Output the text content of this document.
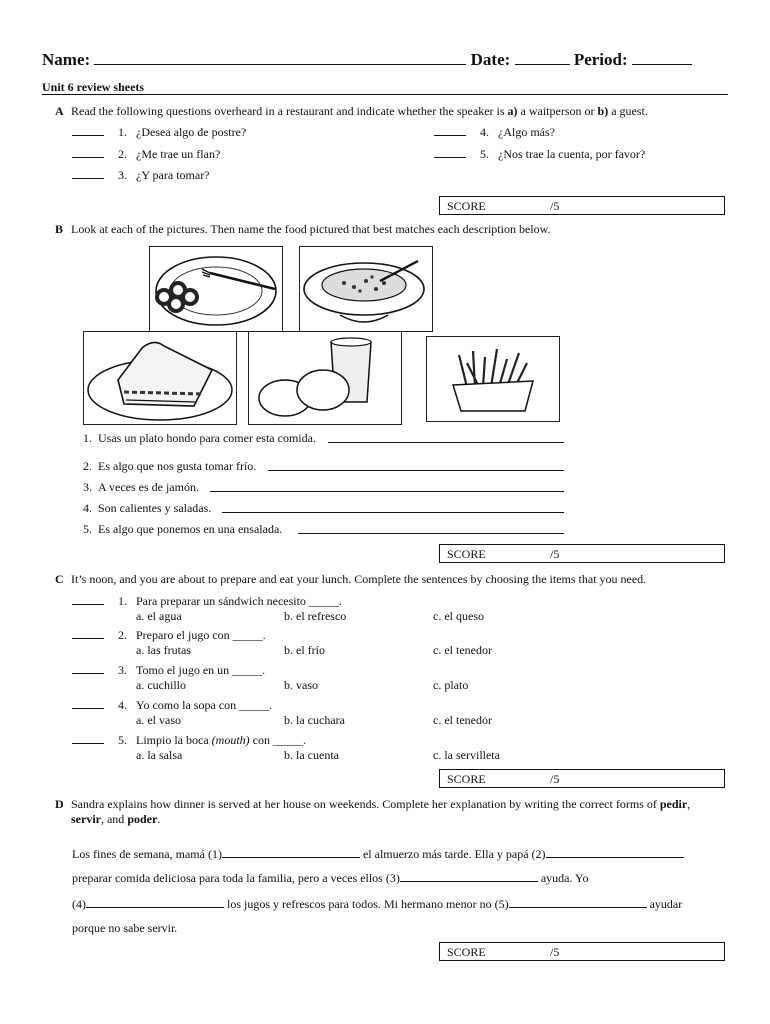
Name:	Date:	Period:
Unit 6 review sheets
A Read the following questions overheard in a restaurant and indicate whether the speaker is a) a waitperson or b) a guest.
1. ¿Desea algo de postre?
2. ¿Me trae un flan?
3. ¿Y para tomar?
4. ¿Algo más?
5. ¿Nos trae la cuenta, por favor?
SCORE	/5
B Look at each of the pictures. Then name the food pictured that best matches each description below.
1. Usas un plato hondo para comer esta comida.
2. Es algo que nos gusta tomar frío.
3. A veces es de jamón.
4. Son calientes y saladas.
5. Es algo que ponemos en una ensalada.
SCORE	/5
C It’s noon, and you are about to prepare and eat your lunch. Complete the sentences by choosing the items that you need.
1. Para preparar un sándwich necesito _____.
a. el agua	b. el refresco	c. el queso
2. Preparo el jugo con _____.
a. las frutas	b. el frío	c. el tenedor
3. Tomo el jugo en un _____.
a. cuchillo	b. vaso	c. plato
4. Yo como la sopa con _____.
a. el vaso	b. la cuchara	c. el tenedor
5. Limpio la boca (mouth) con _____.
a. la salsa	b. la cuenta	c. la servilleta
SCORE	/5
D Sandra explains how dinner is served at her house on weekends. Complete her explanation by writing the correct forms of pedir, servir, and poder.
Los fines de semana, mamá (1)	el almuerzo más tarde. Ella y papá (2)
preparar comida deliciosa para toda la familia, pero a veces ellos (3)	ayuda. Yo
(4)	los jugos y refrescos para todos. Mi hermano menor no (5)	ayudar
porque no sabe servir.
SCORE	/5
